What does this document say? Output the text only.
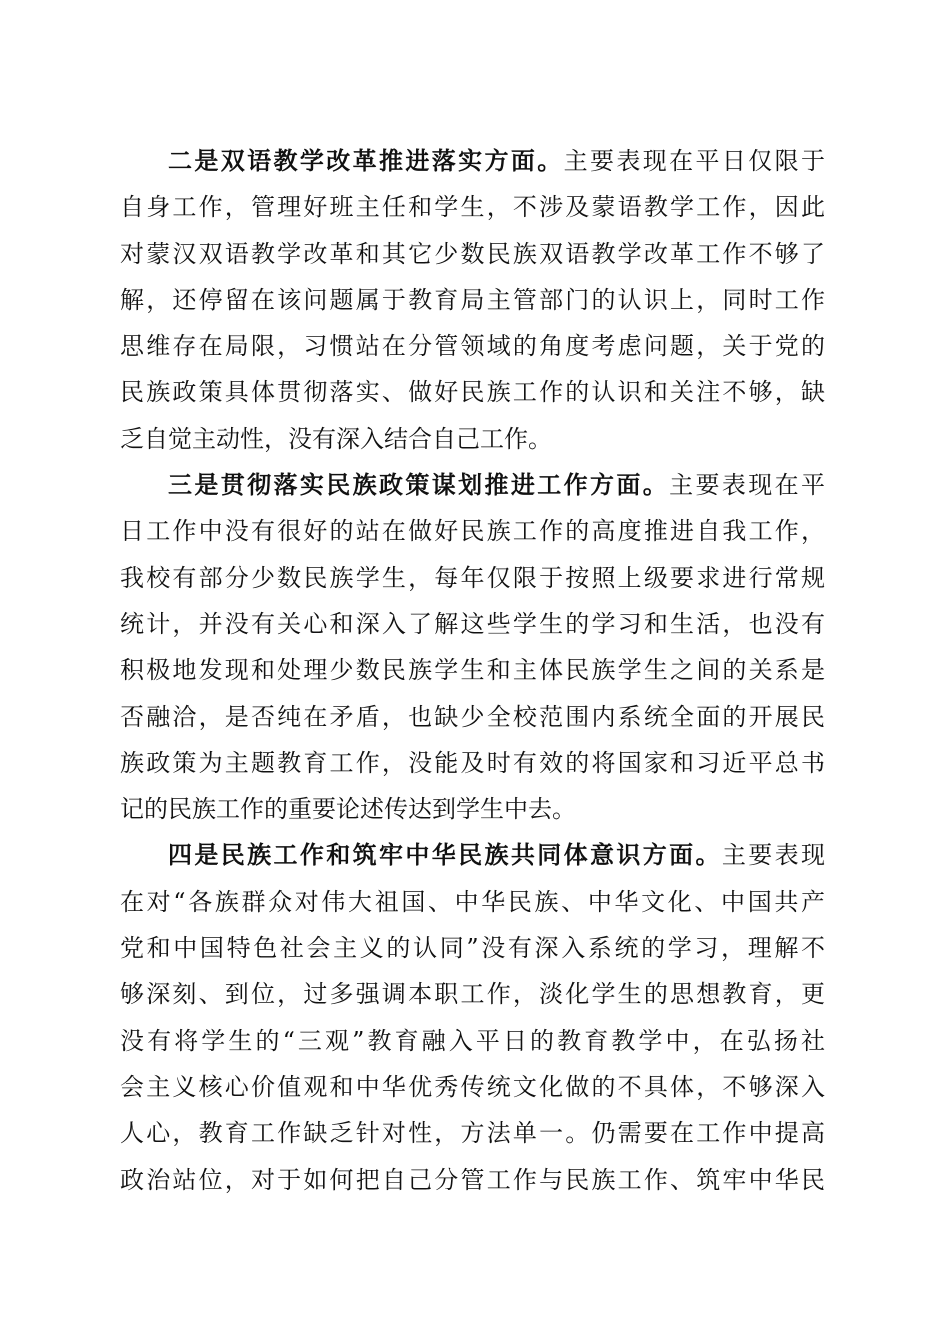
二是双语教学改革推进落实方面。主要表现在平日仅限于
自身工作，管理好班主任和学生，不涉及蒙语教学工作，因此
对蒙汉双语教学改革和其它少数民族双语教学改革工作不够了
解，还停留在该问题属于教育局主管部门的认识上，同时工作
思维存在局限，习惯站在分管领域的角度考虑问题，关于党的
民族政策具体贯彻落实、做好民族工作的认识和关注不够，缺
乏自觉主动性，没有深入结合自己工作。
三是贯彻落实民族政策谋划推进工作方面。主要表现在平
日工作中没有很好的站在做好民族工作的高度推进自我工作，
我校有部分少数民族学生，每年仅限于按照上级要求进行常规
统计，并没有关心和深入了解这些学生的学习和生活，也没有
积极地发现和处理少数民族学生和主体民族学生之间的关系是
否融洽，是否纯在矛盾，也缺少全校范围内系统全面的开展民
族政策为主题教育工作，没能及时有效的将国家和习近平总书
记的民族工作的重要论述传达到学生中去。
四是民族工作和筑牢中华民族共同体意识方面。主要表现
在对“各族群众对伟大祖国、中华民族、中华文化、中国共产
党和中国特色社会主义的认同”没有深入系统的学习，理解不
够深刻、到位，过多强调本职工作，淡化学生的思想教育，更
没有将学生的“三观”教育融入平日的教育教学中，在弘扬社
会主义核心价值观和中华优秀传统文化做的不具体，不够深入
人心，教育工作缺乏针对性，方法单一。仍需要在工作中提高
政治站位，对于如何把自己分管工作与民族工作、筑牢中华民
